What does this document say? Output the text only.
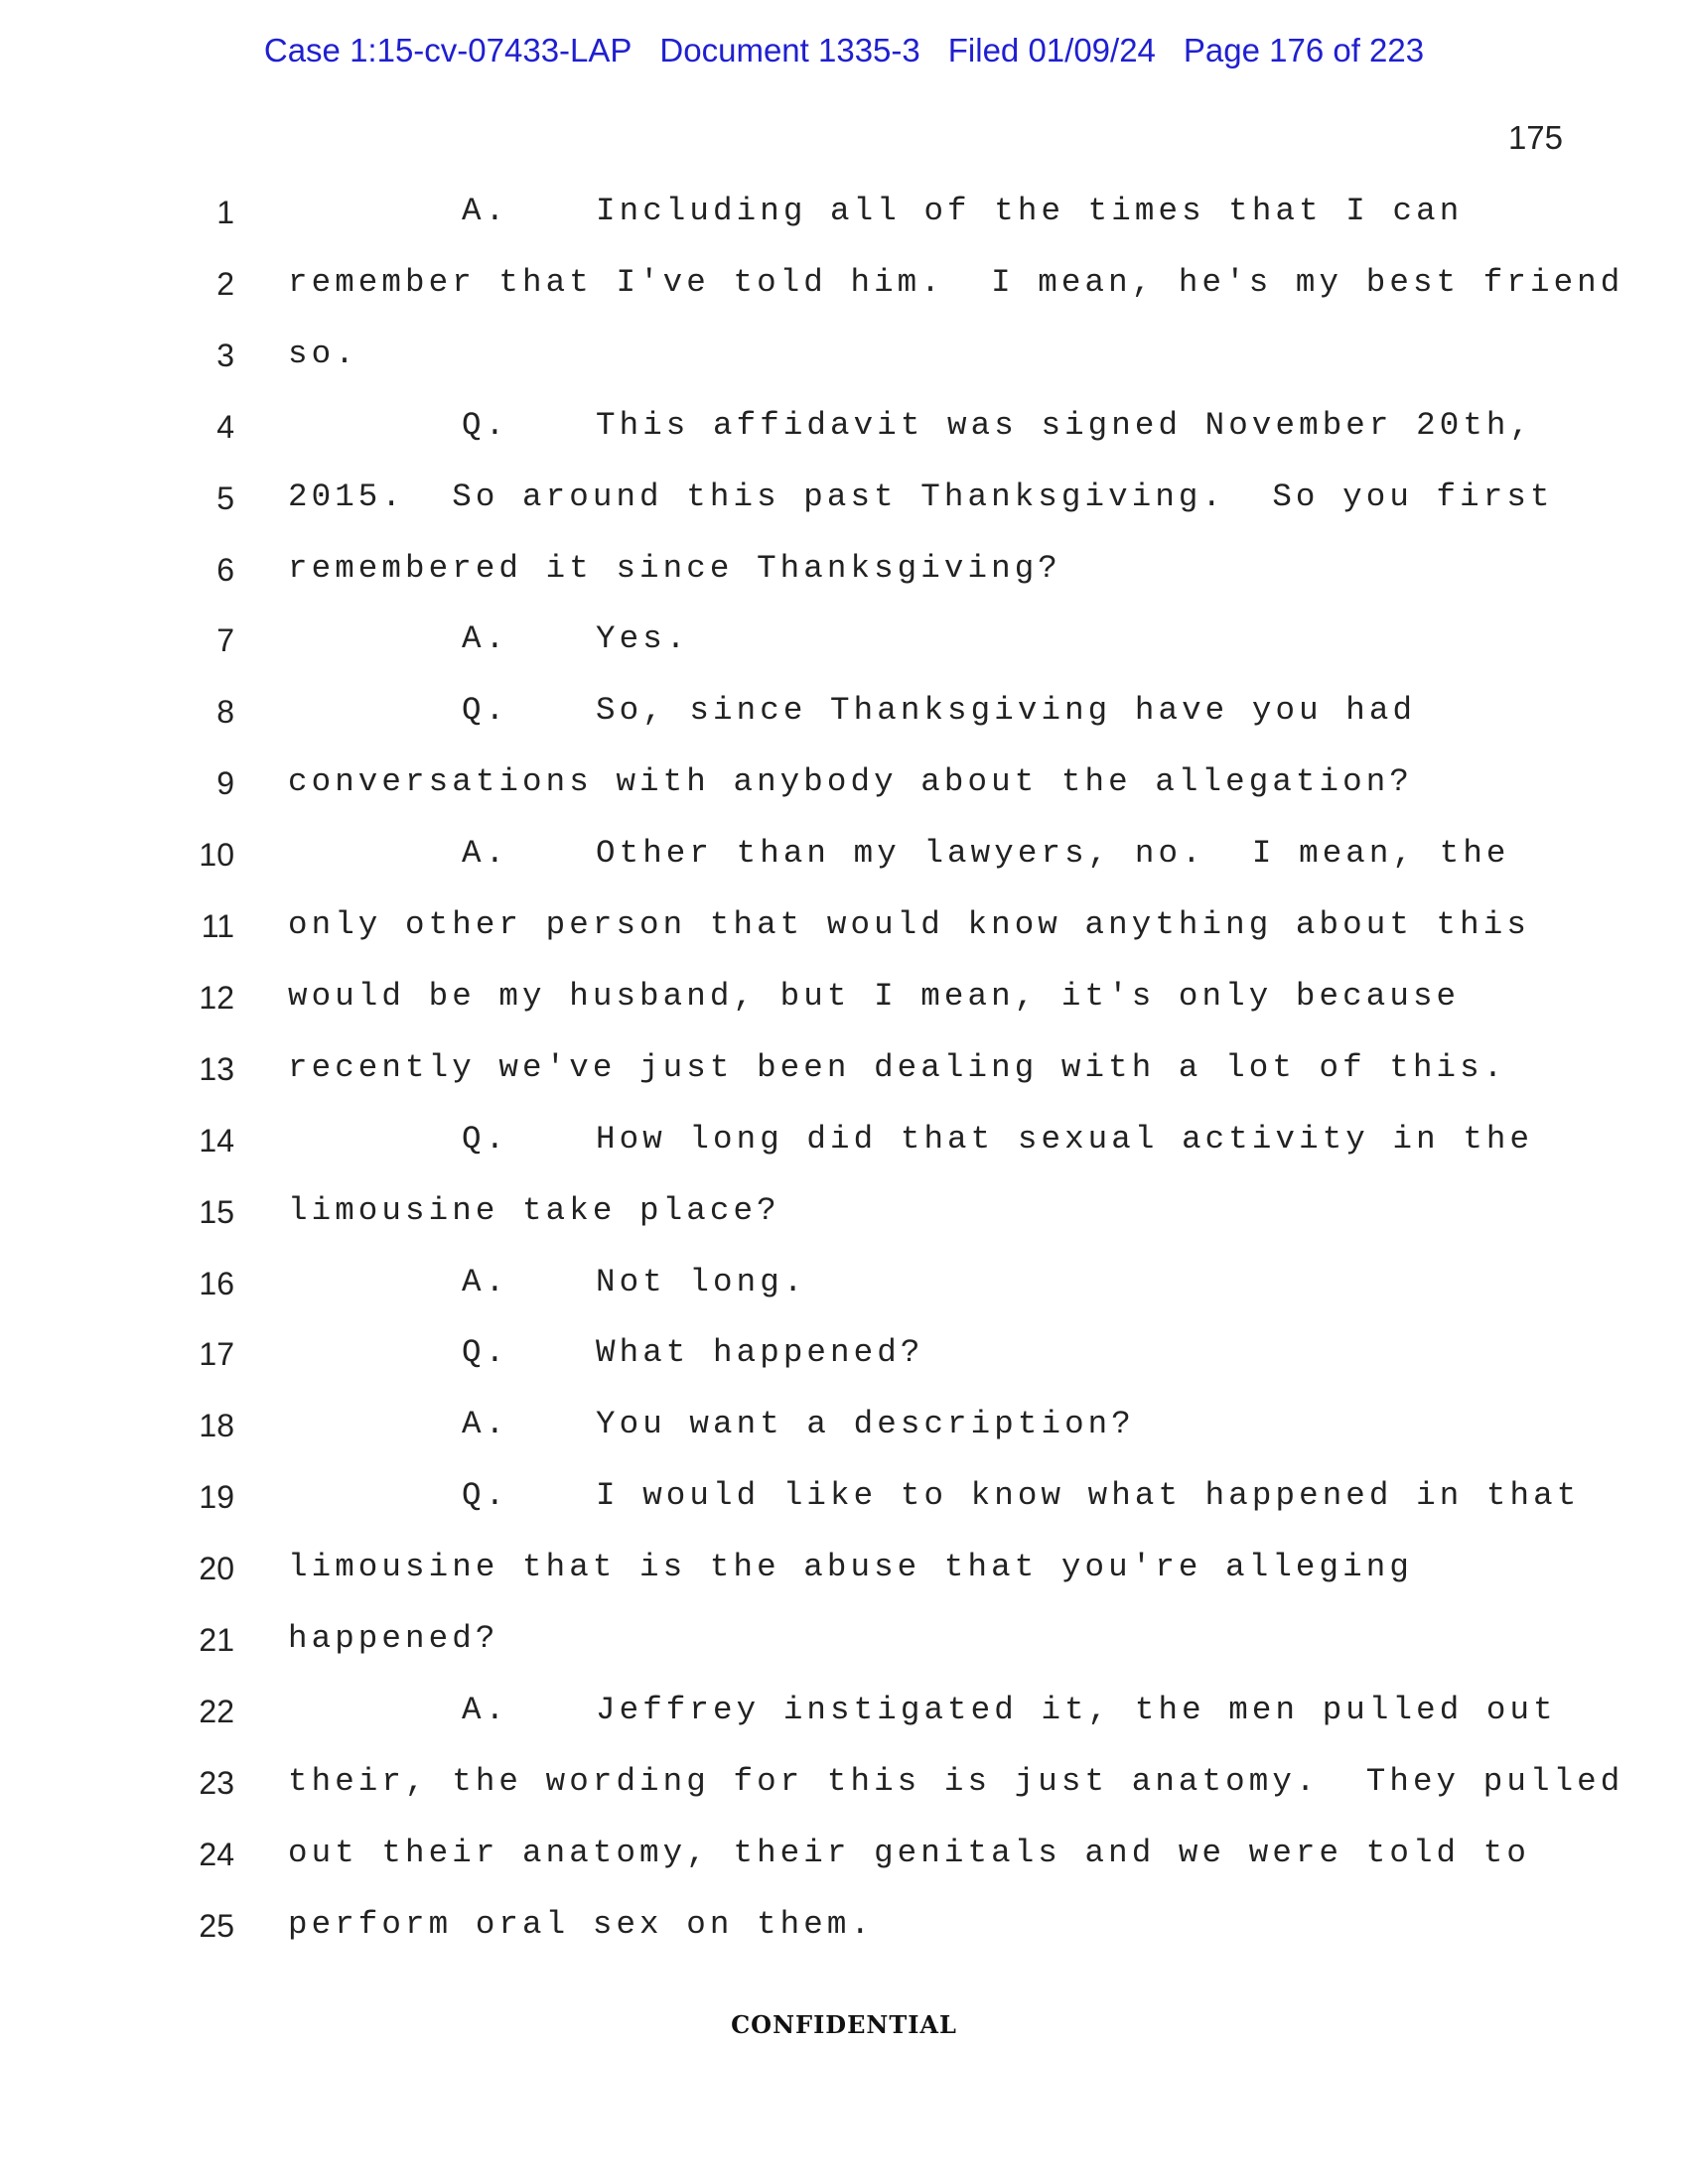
Case 1:15-cv-07433-LAP Document 1335-3 Filed 01/09/24 Page 176 of 223
175
1	A.	Including all of the times that I can
2 remember that I've told him.  I mean, he's my best friend
3 so.
4	Q.	This affidavit was signed November 20th,
5 2015.  So around this past Thanksgiving.  So you first
6 remembered it since Thanksgiving?
7	A.	Yes.
8	Q.	So, since Thanksgiving have you had
9 conversations with anybody about the allegation?
10	A.	Other than my lawyers, no.  I mean, the
11 only other person that would know anything about this
12 would be my husband, but I mean, it's only because
13 recently we've just been dealing with a lot of this.
14	Q.	How long did that sexual activity in the
15 limousine take place?
16	A.	Not long.
17	Q.	What happened?
18	A.	You want a description?
19	Q.	I would like to know what happened in that
20 limousine that is the abuse that you're alleging
21 happened?
22	A.	Jeffrey instigated it, the men pulled out
23 their, the wording for this is just anatomy.  They pulled
24 out their anatomy, their genitals and we were told to
25 perform oral sex on them.
CONFIDENTIAL
